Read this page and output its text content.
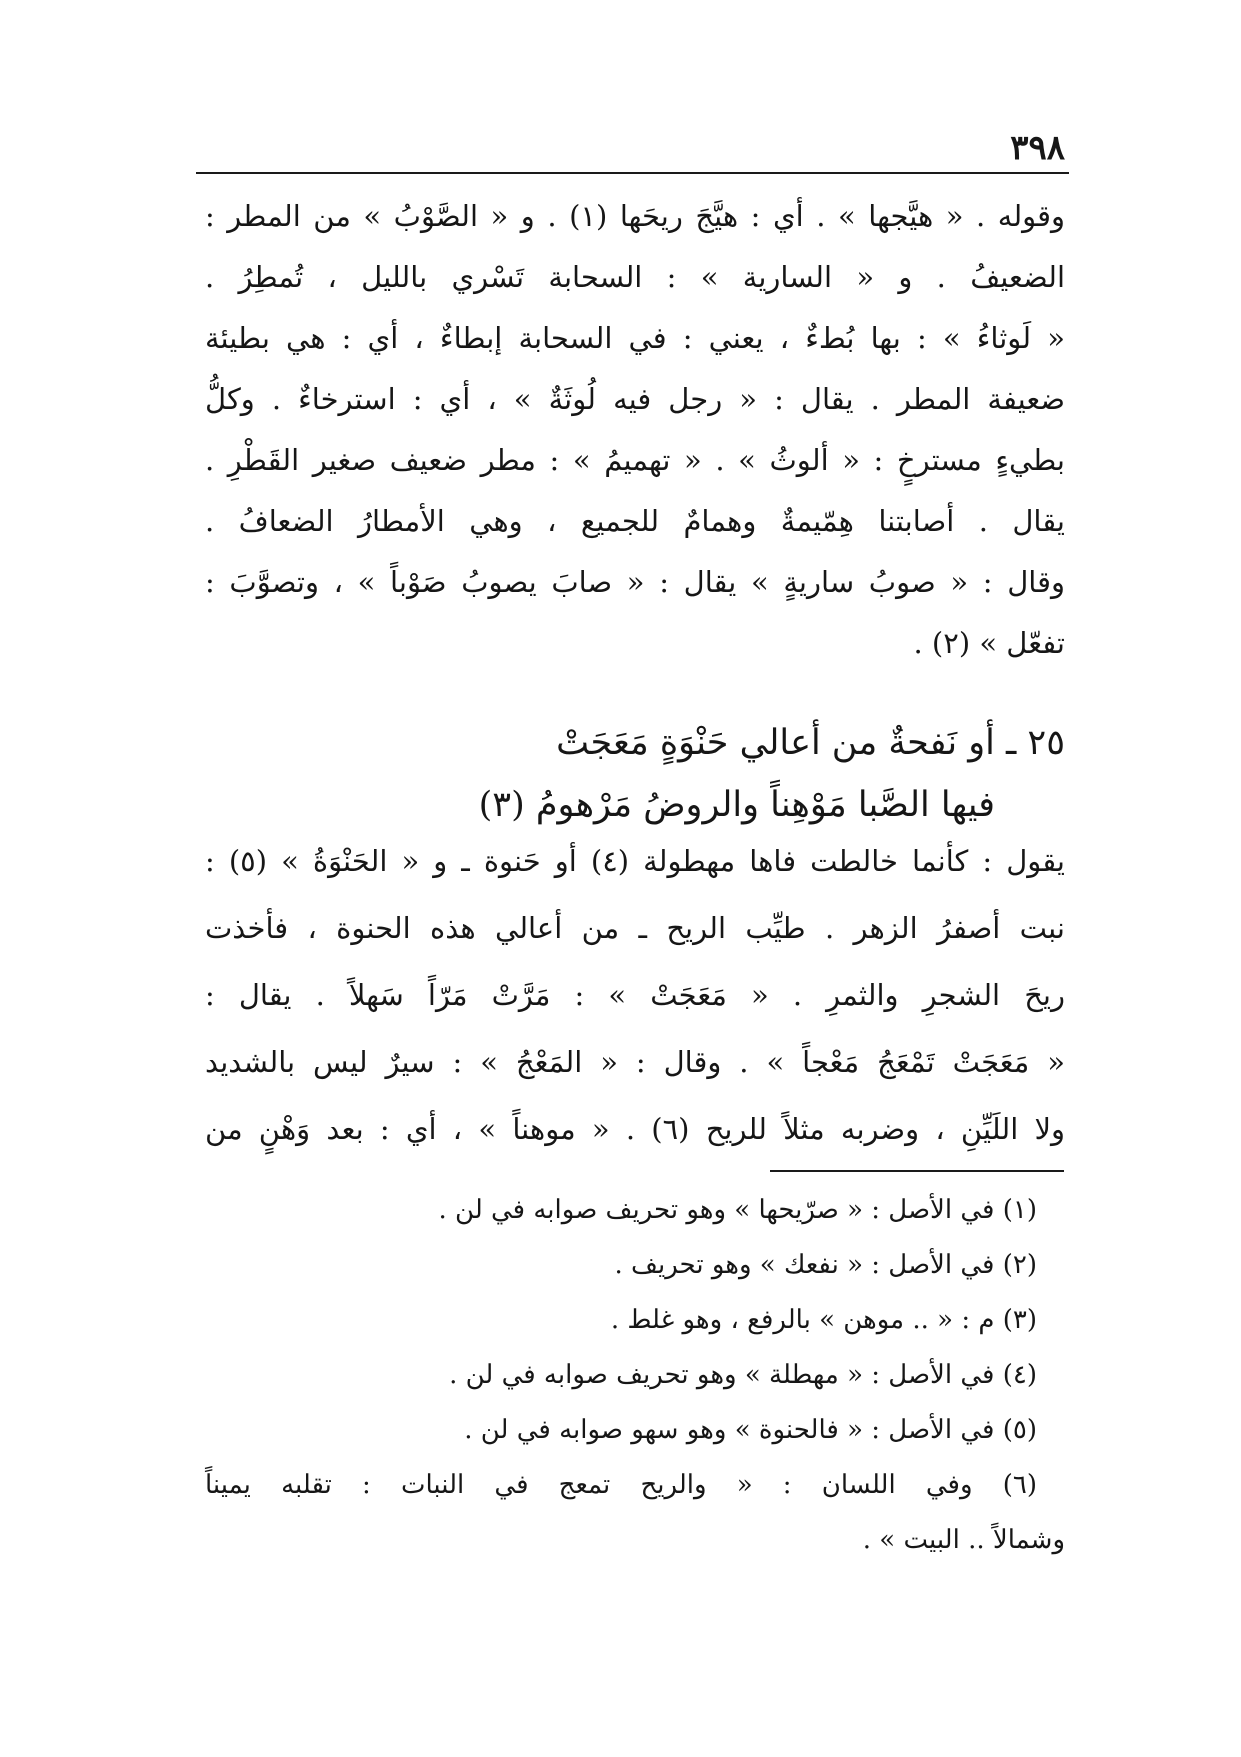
٣٩٨
وقوله . « هيَّجها » . أي : هيَّجَ ريحَها (١) . و « الصَّوْبُ » من المطر :
الضعيفُ . و « السارية » : السحابة تَسْري بالليل ، تُمطِرُ .
« لَوثاءُ » : بها بُطءٌ ، يعني : في السحابة إبطاءٌ ، أي : هي بطيئة
ضعيفة المطر . يقال : « رجل فيه لُوثَةٌ » ، أي : استرخاءٌ . وكلُّ
بطيءٍ مسترخٍ : « ألوثُ » . « تهميمُ » : مطر ضعيف صغير القَطْرِ .
يقال . أصابتنا هِمّيمةٌ وهمامٌ للجميع ، وهي الأمطارُ الضعافُ .
وقال : « صوبُ ساريةٍ » يقال : « صابَ يصوبُ صَوْباً » ، وتصوَّبَ :
تفعّل » (٢) .
٢٥ ـ أو نَفحةٌ من أعالي حَنْوَةٍ مَعَجَتْ
فيها الصَّبا مَوْهِناً والروضُ مَرْهومُ (٣)
يقول : كأنما خالطت فاها مهطولة (٤) أو حَنوة ـ و « الحَنْوَةُ » (٥) :
نبت أصفرُ الزهر . طيِّب الريح ـ من أعالي هذه الحنوة ، فأخذت
ريحَ الشجرِ والثمرِ . « مَعَجَتْ » : مَرَّتْ مَرّاً سَهلاً . يقال :
« مَعَجَتْ تَمْعَجُ مَعْجاً » . وقال : « المَعْجُ » : سيرٌ ليس بالشديد
ولا اللَيِّنِ ، وضربه مثلاً للريح (٦) . « موهناً » ، أي : بعد وَهْنٍ من
(١) في الأصل : « صرّيحها » وهو تحريف صوابه في لن .
(٢) في الأصل : « نفعك » وهو تحريف .
(٣) م : « .. موهن » بالرفع ، وهو غلط .
(٤) في الأصل : « مهطلة » وهو تحريف صوابه في لن .
(٥) في الأصل : « فالحنوة » وهو سهو صوابه في لن .
(٦) وفي اللسان : « والريح تمعج في النبات : تقلبه يميناً
وشمالاً .. البيت » .
